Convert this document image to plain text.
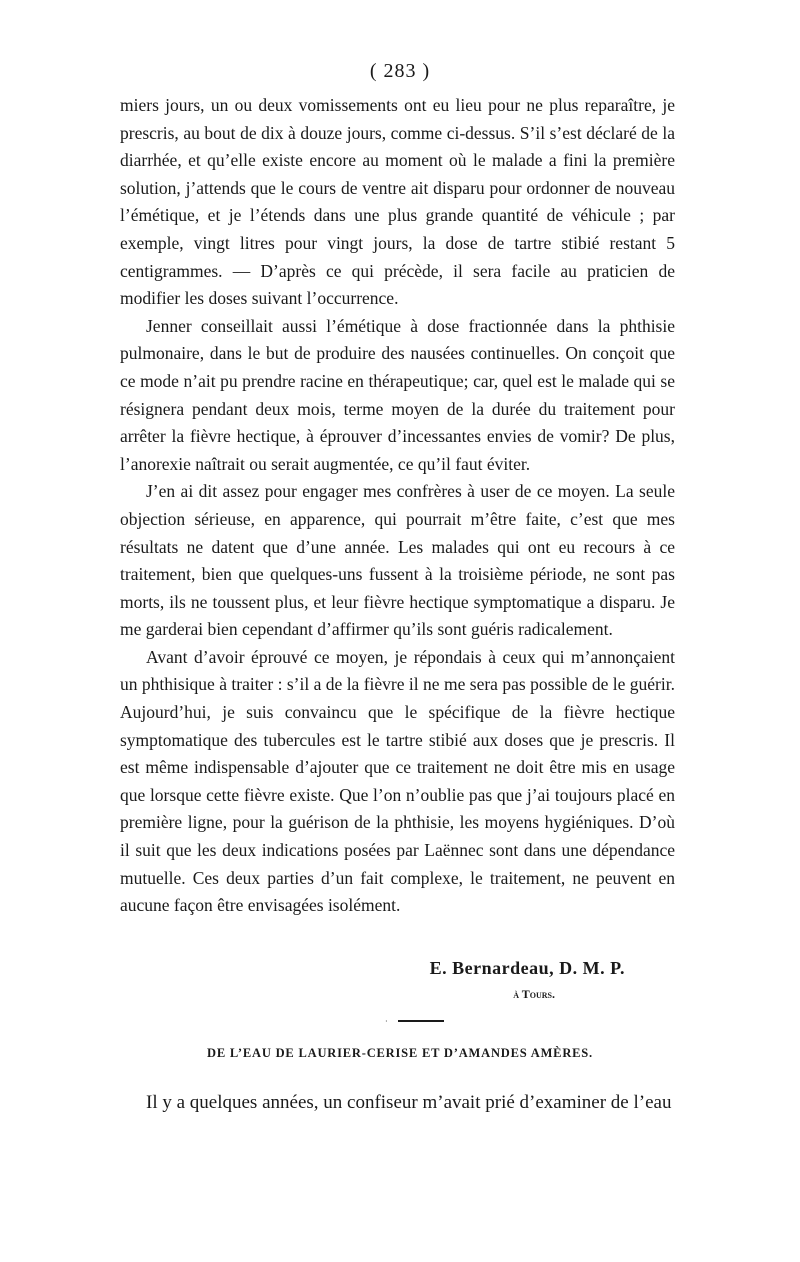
( 283 )

miers jours, un ou deux vomissements ont eu lieu pour ne plus reparaître, je prescris, au bout de dix à douze jours, comme ci-dessus. S’il s’est déclaré de la diarrhée, et qu’elle existe encore au moment où le malade a fini la première solution, j’attends que le cours de ventre ait disparu pour ordonner de nouveau l’émétique, et je l’étends dans une plus grande quantité de véhicule ; par exemple, vingt litres pour vingt jours, la dose de tartre stibié restant 5 centigrammes. — D’après ce qui précède, il sera facile au praticien de modifier les doses suivant l’occurrence.

Jenner conseillait aussi l’émétique à dose fractionnée dans la phthisie pulmonaire, dans le but de produire des nausées continuelles. On conçoit que ce mode n’ait pu prendre racine en thérapeutique; car, quel est le malade qui se résignera pendant deux mois, terme moyen de la durée du traitement pour arrêter la fièvre hectique, à éprouver d’incessantes envies de vomir? De plus, l’anorexie naîtrait ou serait augmentée, ce qu’il faut éviter.

J’en ai dit assez pour engager mes confrères à user de ce moyen. La seule objection sérieuse, en apparence, qui pourrait m’être faite, c’est que mes résultats ne datent que d’une année. Les malades qui ont eu recours à ce traitement, bien que quelques-uns fussent à la troisième période, ne sont pas morts, ils ne toussent plus, et leur fièvre hectique symptomatique a disparu. Je me garderai bien cependant d’affirmer qu’ils sont guéris radicalement.

Avant d’avoir éprouvé ce moyen, je répondais à ceux qui m’annonçaient un phthisique à traiter : s’il a de la fièvre il ne me sera pas possible de le guérir. Aujourd’hui, je suis convaincu que le spécifique de la fièvre hectique symptomatique des tubercules est le tartre stibié aux doses que je prescris. Il est même indispensable d’ajouter que ce traitement ne doit être mis en usage que lorsque cette fièvre existe. Que l’on n’oublie pas que j’ai toujours placé en première ligne, pour la guérison de la phthisie, les moyens hygiéniques. D’où il suit que les deux indications posées par Laënnec sont dans une dépendance mutuelle. Ces deux parties d’un fait complexe, le traitement, ne peuvent en aucune façon être envisagées isolément.

E. Bernardeau, D. M. P.
à Tours.
·
DE L’EAU DE LAURIER-CERISE ET D’AMANDES AMÈRES.
Il y a quelques années, un confiseur m’avait prié d’examiner de l’eau
